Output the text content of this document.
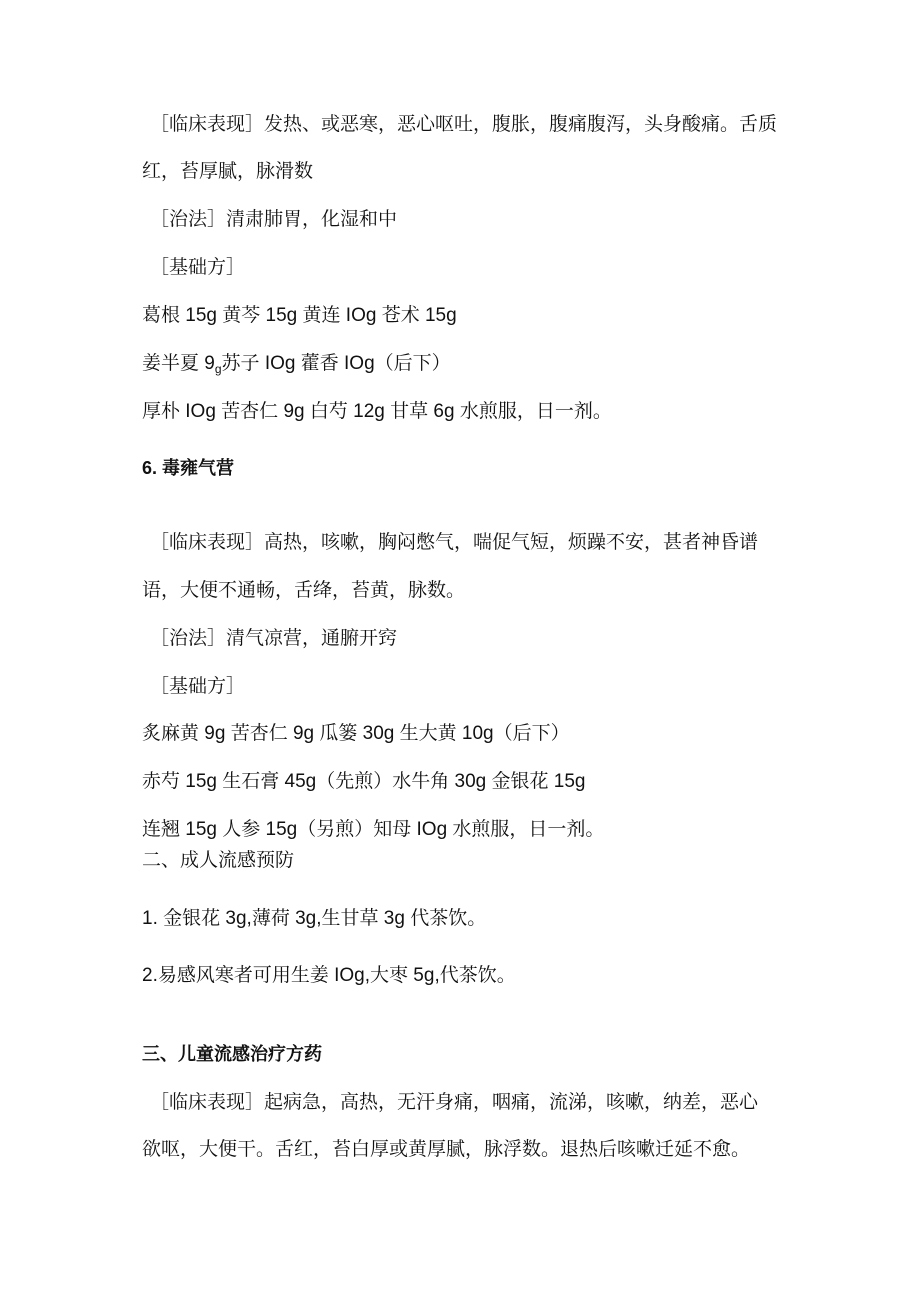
［临床表现］发热、或恶寒，恶心呕吐，腹胀，腹痛腹泻，头身酸痛。舌质
红，苔厚腻，脉滑数
［治法］清肃肺胃，化湿和中
［基础方］
葛根 15g 黄芩 15g 黄连 IOg 苍术 15g
姜半夏 $9_g$苏子 IOg 藿香 IOg（后下）
厚朴 IOg 苦杏仁 9g 白芍 12g 甘草 6g 水煎服，日一剂。
6. 毒雍气营
［临床表现］高热，咳嗽，胸闷憋气，喘促气短，烦躁不安，甚者神昏谱
语，大便不通畅，舌绛，苔黄，脉数。
［治法］清气凉营，通腑开窍
［基础方］
炙麻黄 9g 苦杏仁 9g 瓜篓 30g 生大黄 10g（后下）
赤芍 15g 生石膏 45g（先煎）水牛角 30g 金银花 15g
连翘 15g 人参 15g（另煎）知母 IOg 水煎服，日一剂。
二、成人流感预防
1. 金银花 3g,薄荷 3g,生甘草 3g 代茶饮。
2.易感风寒者可用生姜 IOg,大枣 5g,代茶饮。
三、儿童流感治疗方药
［临床表现］起病急，高热，无汗身痛，咽痛，流涕，咳嗽，纳差，恶心
欲呕，大便干。舌红，苔白厚或黄厚腻，脉浮数。退热后咳嗽迁延不愈。
